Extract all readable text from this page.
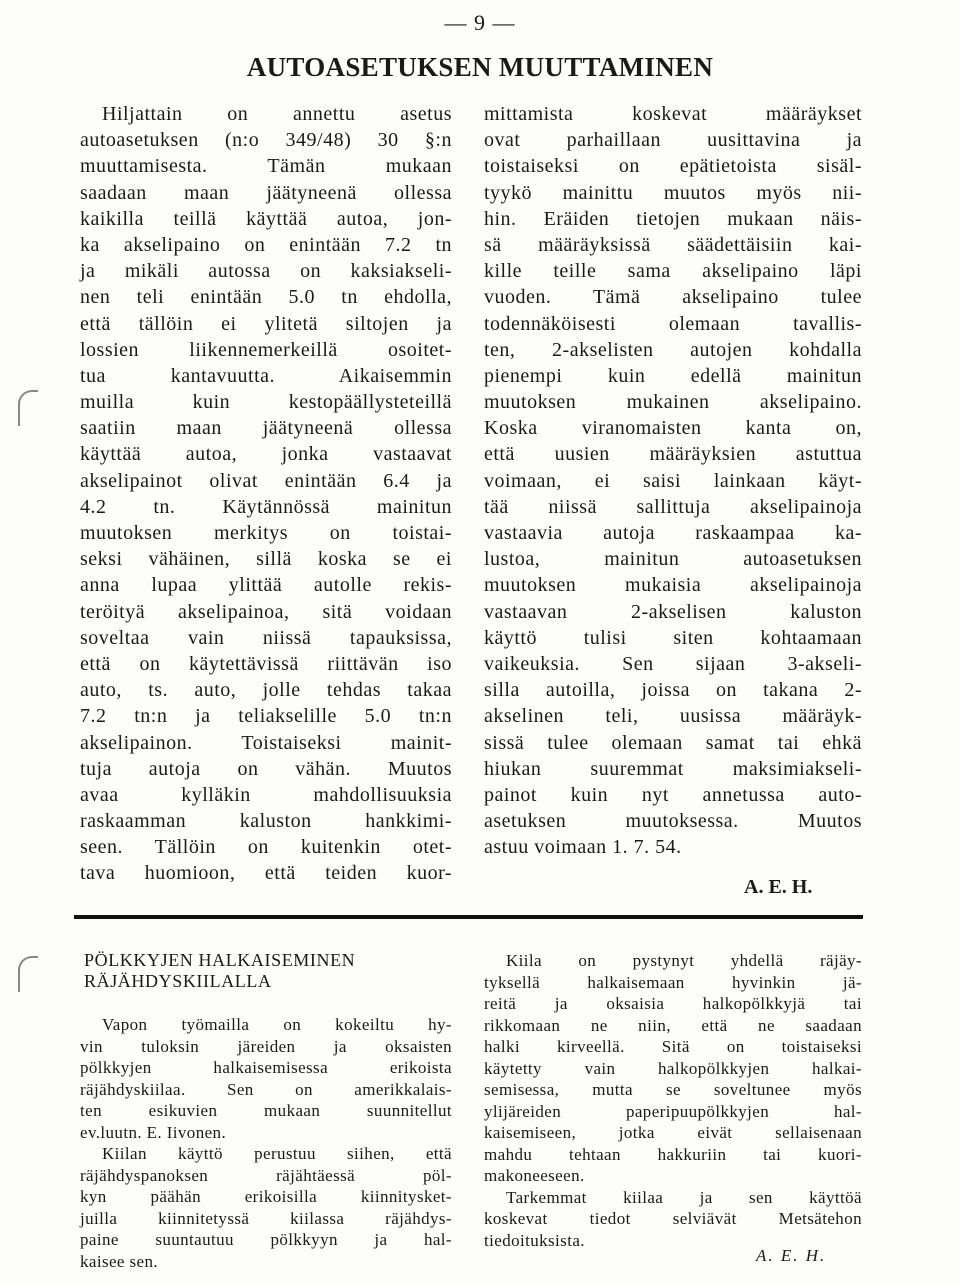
— 9 —
AUTOASETUKSEN MUUTTAMINEN
Hiljattain on annettu asetus
autoasetuksen (n:o 349/48) 30 §:n
muuttamisesta. Tämän mukaan
saadaan maan jäätyneenä ollessa
kaikilla teillä käyttää autoa, jon-
ka akselipaino on enintään 7.2 tn
ja mikäli autossa on kaksiakseli-
nen teli enintään 5.0 tn ehdolla,
että tällöin ei ylitetä siltojen ja
lossien liikennemerkeillä osoitet-
tua kantavuutta. Aikaisemmin
muilla kuin kestopäällysteteillä
saatiin maan jäätyneenä ollessa
käyttää autoa, jonka vastaavat
akselipainot olivat enintään 6.4 ja
4.2 tn. Käytännössä mainitun
muutoksen merkitys on toistai-
seksi vähäinen, sillä koska se ei
anna lupaa ylittää autolle rekis-
teröityä akselipainoa, sitä voidaan
soveltaa vain niissä tapauksissa,
että on käytettävissä riittävän iso
auto, ts. auto, jolle tehdas takaa
7.2 tn:n ja teliakselille 5.0 tn:n
akselipainon. Toistaiseksi mainit-
tuja autoja on vähän. Muutos
avaa kylläkin mahdollisuuksia
raskaamman kaluston hankkimi-
seen. Tällöin on kuitenkin otet-
tava huomioon, että teiden kuor-
mittamista koskevat määräykset
ovat parhaillaan uusittavina ja
toistaiseksi on epätietoista sisäl-
tyykö mainittu muutos myös nii-
hin. Eräiden tietojen mukaan näis-
sä määräyksissä säädettäisiin kai-
kille teille sama akselipaino läpi
vuoden. Tämä akselipaino tulee
todennäköisesti olemaan tavallis-
ten, 2-akselisten autojen kohdalla
pienempi kuin edellä mainitun
muutoksen mukainen akselipaino.
Koska viranomaisten kanta on,
että uusien määräyksien astuttua
voimaan, ei saisi lainkaan käyt-
tää niissä sallittuja akselipainoja
vastaavia autoja raskaampaa ka-
lustoa, mainitun autoasetuksen
muutoksen mukaisia akselipainoja
vastaavan 2-akselisen kaluston
käyttö tulisi siten kohtaamaan
vaikeuksia. Sen sijaan 3-akseli-
silla autoilla, joissa on takana 2-
akselinen teli, uusissa määräyk-
sissä tulee olemaan samat tai ehkä
hiukan suuremmat maksimiakseli-
painot kuin nyt annetussa auto-
asetuksen muutoksessa. Muutos
astuu voimaan 1. 7. 54.
A. E. H.
PÖLKKYJEN HALKAISEMINEN
RÄJÄHDYSKIILALLA
Vapon työmailla on kokeiltu hy-
vin tuloksin järeiden ja oksaisten
pölkkyjen halkaisemisessa erikoista
räjähdyskiilaa. Sen on amerikkalais-
ten esikuvien mukaan suunnitellut
ev.luutn. E. Iivonen.
Kiilan käyttö perustuu siihen, että
räjähdyspanoksen räjähtäessä pöl-
kyn päähän erikoisilla kiinnitysket-
juilla kiinnitetyssä kiilassa räjähdys-
paine suuntautuu pölkkyyn ja hal-
kaisee sen.
Kiila on pystynyt yhdellä räjäy-
tyksellä halkaisemaan hyvinkin jä-
reitä ja oksaisia halkopölkkyjä tai
rikkomaan ne niin, että ne saadaan
halki kirveellä. Sitä on toistaiseksi
käytetty vain halkopölkkyjen halkai-
semisessa, mutta se soveltunee myös
ylijäreiden paperipuupölkkyjen hal-
kaisemiseen, jotka eivät sellaisenaan
mahdu tehtaan hakkuriin tai kuori-
makoneeseen.
Tarkemmat kiilaa ja sen käyttöä
koskevat tiedot selviävät Metsätehon
tiedoituksista.
A. E. H.
